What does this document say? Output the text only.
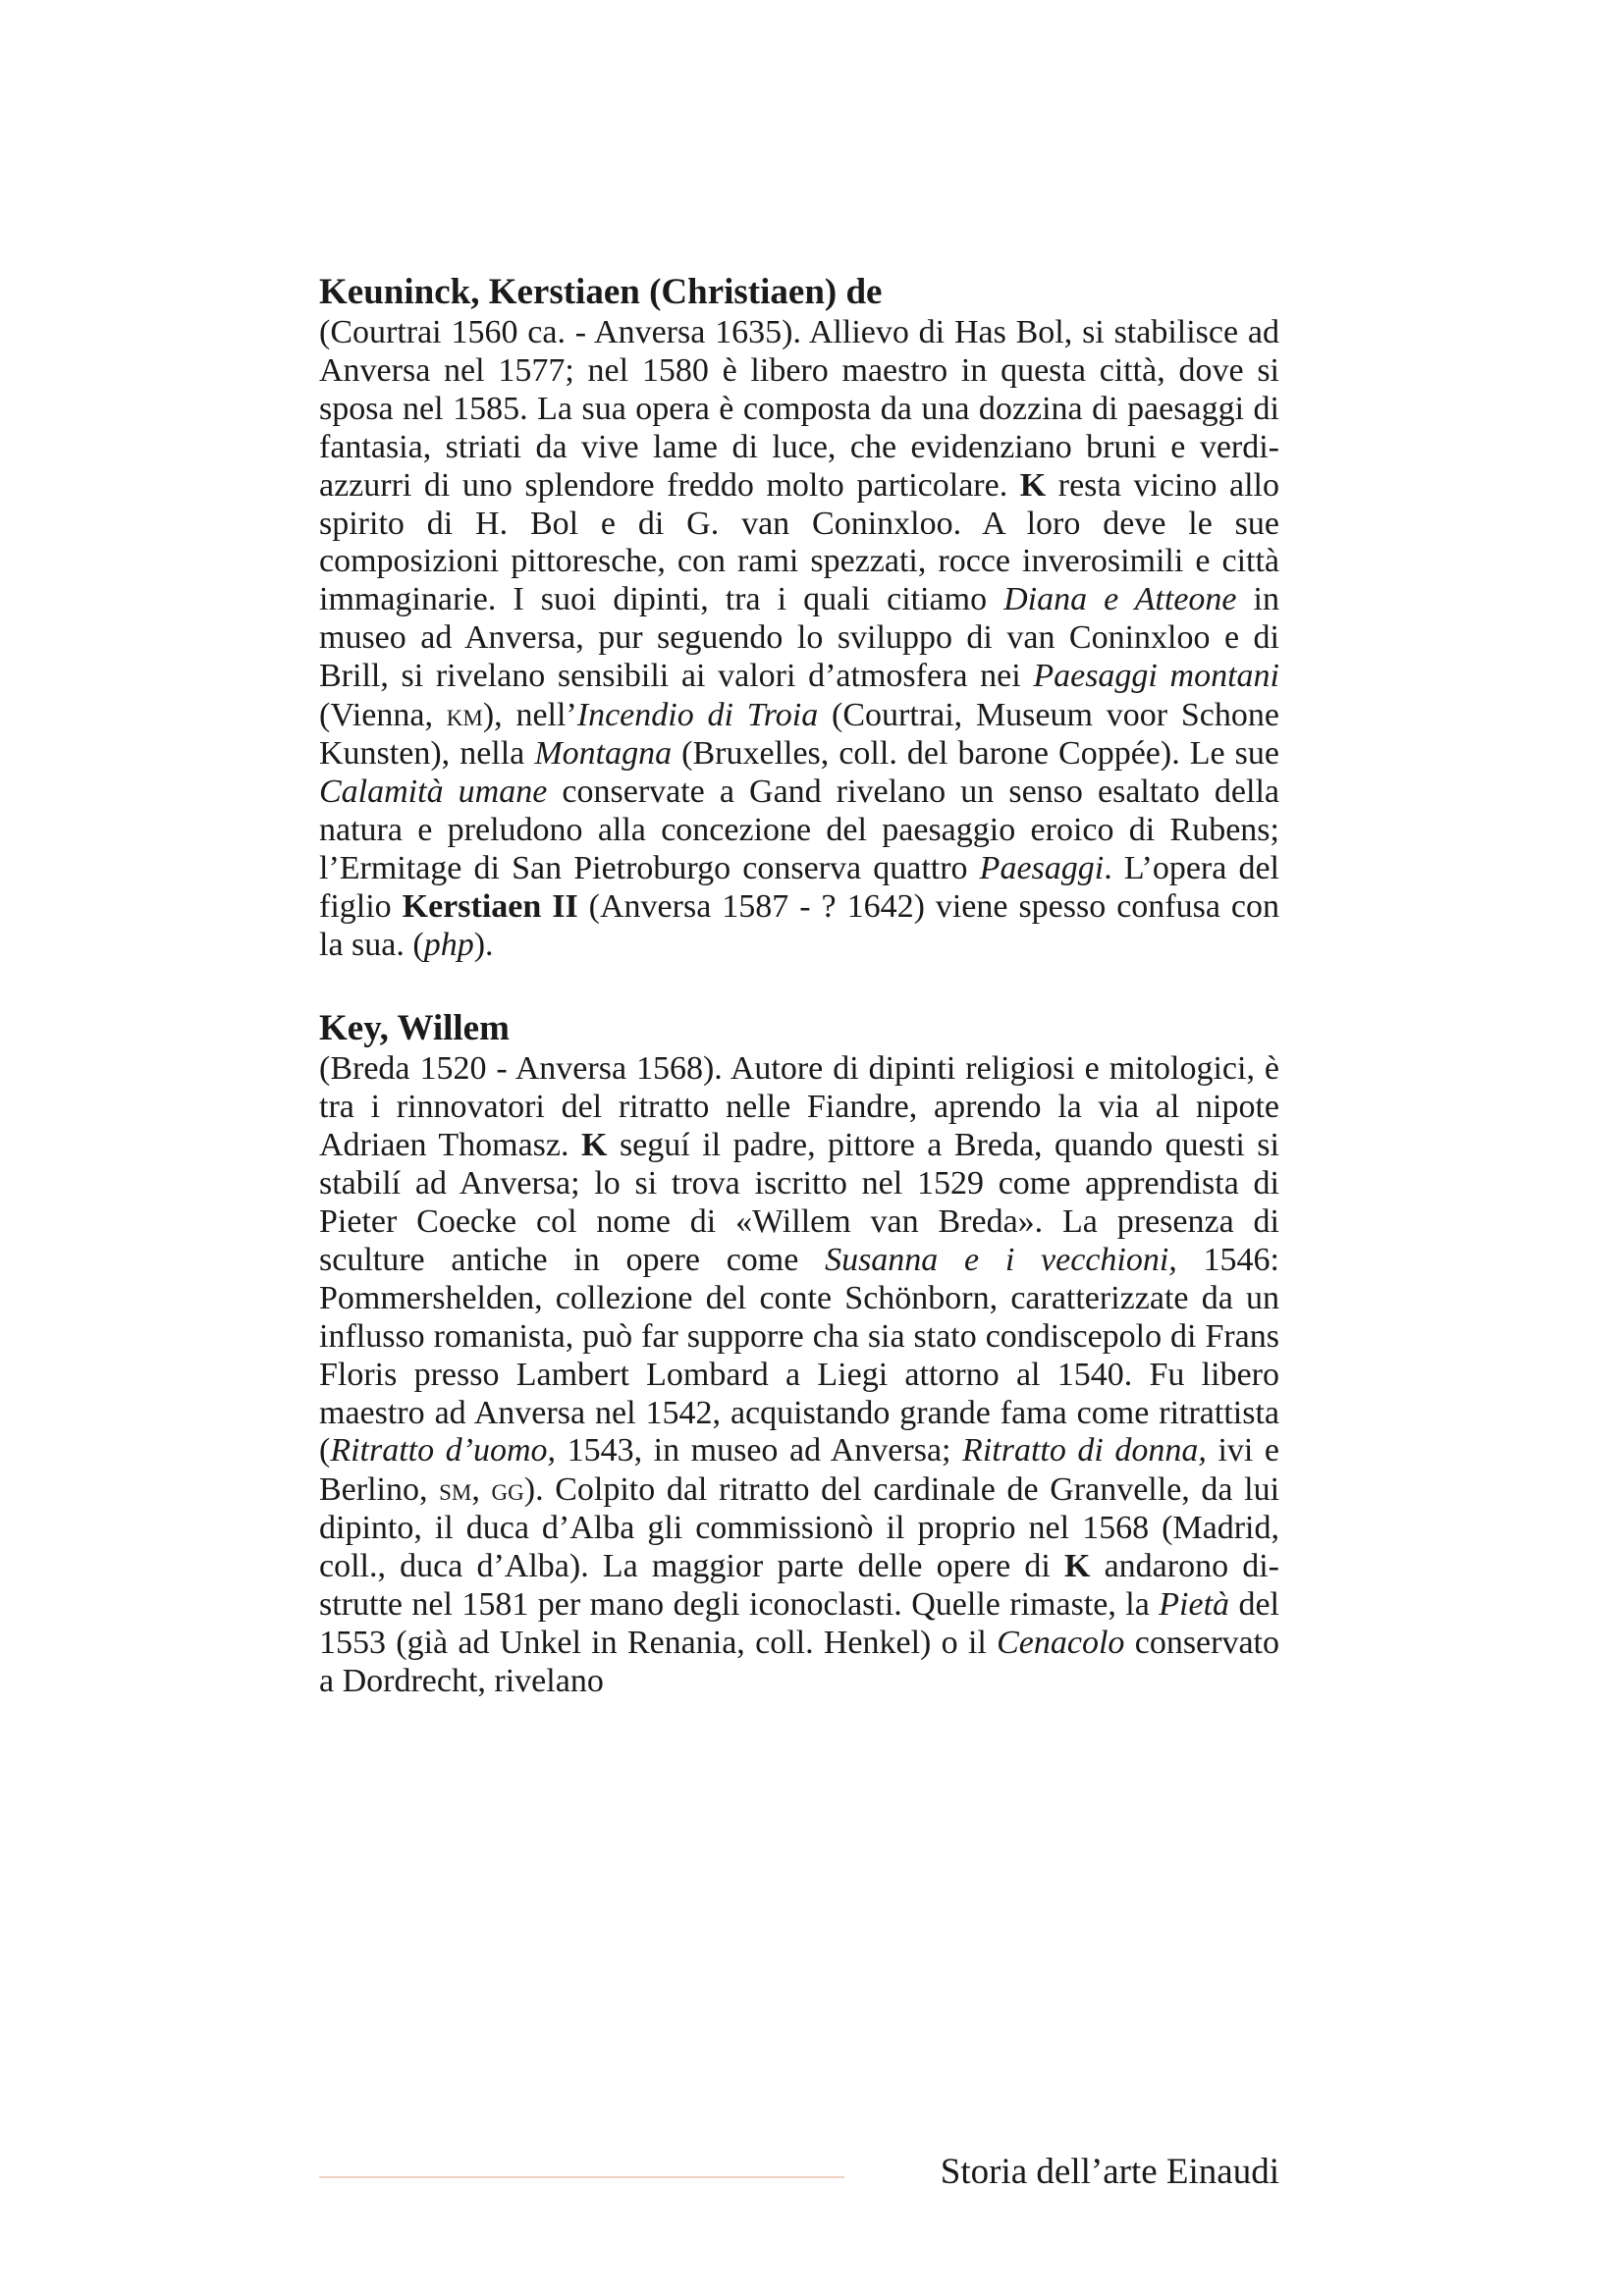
Keuninck, Kerstiaen (Christiaen) de

(Courtrai 1560 ca. - Anversa 1635). Allievo di Has Bol, si stabilisce ad Anversa nel 1577; nel 1580 è libero maestro in questa città, dove si sposa nel 1585. La sua opera è composta da una dozzina di paesaggi di fantasia, striati da vive lame di luce, che evidenziano bruni e verdi-azzurri di uno splendore freddo molto particolare. K resta vicino allo spirito di H. Bol e di G. van Coninxloo. A loro deve le sue composizioni pittoresche, con rami spezzati, rocce inverosimili e città immaginarie. I suoi dipinti, tra i quali citiamo Diana e Atteone in museo ad Anversa, pur seguendo lo sviluppo di van Coninxloo e di Brill, si rivelano sensibili ai valori d’atmosfera nei Paesaggi montani (Vienna, km), nell’Incendio di Troia (Courtrai, Museum voor Schone Kunsten), nella Montagna (Bruxelles, coll. del barone Coppée). Le sue Calamità umane conservate a Gand rivelano un senso esaltato della natura e preludono alla concezione del paesaggio eroico di Rubens; l’Ermitage di San Pietroburgo conserva quattro Paesaggi. L’opera del figlio Kerstiaen II (Anversa 1587 - ? 1642) viene spesso confusa con la sua. (php).

Key, Willem

(Breda 1520 - Anversa 1568). Autore di dipinti religiosi e mitologici, è tra i rinnovatori del ritratto nelle Fiandre, aprendo la via al nipote Adriaen Thomasz. K seguí il padre, pittore a Breda, quando questi si stabilí ad Anversa; lo si trova iscritto nel 1529 come apprendista di Pieter Coecke col nome di «Willem van Breda». La presenza di sculture antiche in opere come Susanna e i vecchioni, 1546: Pommershelden, collezione del conte Schönborn, caratterizzate da un influsso romanista, può far supporre cha sia stato condiscepolo di Frans Floris presso Lambert Lombard a Liegi attorno al 1540. Fu libero maestro ad Anversa nel 1542, acquistando grande fama come ritrattista (Ritratto d’uomo, 1543, in museo ad Anversa; Ritratto di donna, ivi e Berlino, sm, gg). Colpito dal ritratto del cardinale de Granvelle, da lui dipinto, il duca d’Alba gli commissionò il proprio nel 1568 (Madrid, coll., duca d’Alba). La maggior parte delle opere di K andarono distrutte nel 1581 per mano degli iconoclasti. Quelle rimaste, la Pietà del 1553 (già ad Unkel in Renania, coll. Henkel) o il Cenacolo conservato a Dordrecht, rivelano

Storia dell’arte Einaudi
